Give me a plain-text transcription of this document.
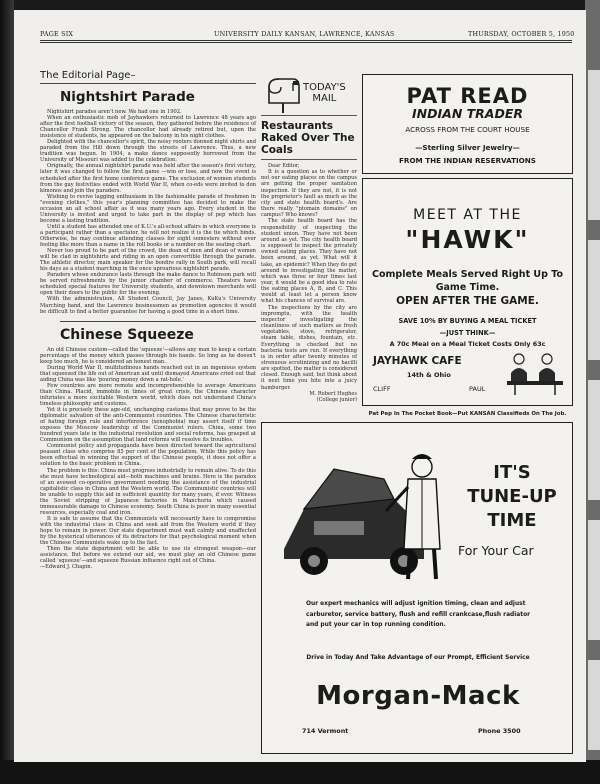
PAGE SIX	UNIVERSITY DAILY KANSAN, LAWRENCE, KANSAS	THURSDAY, OCTOBER 5, 1950
The Editorial Page–
Nightshirt Parade

Nightshirt parades aren't new. We had one in 1902.

When an enthusiastic mob of Jayhawkers returned to Lawrence 48 years ago after the first football victory of the season, they gathered before the residence of Chancellor Frank Strong. The chancellor had already retired but, upon the insistence of students, he appeared on the balcony in his night clothes.

Delighted with the chancellor's spirit, the noisy rooters donned night shirts and paraded from the Hill down through the streets of Lawrence. Thus, a new tradition was begun. In 1904, a make dance supposedly borrowed from the University of Missouri was added to the celebration.

Originally, the annual nightshirt parade was held after the season's first victory, later it was changed to follow the first game —win or lose, and now the event is scheduled after the first home conference game. The exclusion of women students from the gay festivities ended with World War II, when co-eds were invited to don kimonos and join the paraders.

Wishing to revive lagging enthusiasm in the fashionable parade of freshmen in "evening clothes," this year's planning committee has decided to make the occasion an all school affair as it was many years ago. Every student in the University is invited and urged to take part in the display of pep which has become a lasting tradition.

Until a student has attended one of K.U.'s all-school affairs in which everyone is a participant rather than a spectator, he will not realize it is the tie which binds. Otherwise, he may continue attending classes for eight semesters without ever feeling like more than a name in the roll books or a number on the seating chart.

Never too proud to be part of the crowd, the dean of men and dean of women will be clad in nightshirts and riding in an open convertible through the parade. The athletic director, main speaker for the bonfire rally in South park, will recall his days as a student marching in the once uproarious nightshirt parade.

Paraders whose endurance lasts through the make dance to Robinson park will be served refreshments by the junior chamber of commerce. Theaters have scheduled special features for University students, and downtown merchants will open their doors to the public for the evening.

With the administration, All Student Council, Jay Janes, KuKu's University Marching band, and the Lawrence businessmen as promotion agencies it would be difficult to find a better guarantee for having a good time in a short time.

Chinese Squeeze

An old Chinese custom—called the 'squeeze'—allows any man to keep a certain percentage of the money which passes through his hands. So long as he doesn't keep too much, he is considered an honest man.

During World War II, multitudinous hands reached out in an ingenious system that squeezed the life out of American aid until dismayed Americans cried out that aiding China was like 'pouring money down a rat-hole.'

Few countries are more remote and incomprehensible to average Americans than China. Placid, immobile in times of great crisis, the Chinese character infuriates a more excitable Western world, which does not understand China's timeless philosophy and customs.

Yet it is precisely these age-old, unchanging customs that may prove to be the diplomatic salvation of the anti-Communist countries. The Chinese characteristic of hating foreign rule and interference (xenophobia) may assert itself if time exposes the Moscow leadership of the Communist rulers. China, some two hundred years late in the industrial revolution and social reforms, has grasped at Communism on the assumption that land reforms will resolve its troubles.

Communist policy and propaganda have been directed toward the agricultural peasant class who comprise 85 per cent of the population. While this policy has been effectual in winning the support of the Chinese people, it does not offer a solution to the basic problem in China.

The problem is this: China must progress industrially to remain alive. To do this she must have technological aid—both machines and brains. Here is the paradox of an avowed co-operative government needing the assistance of the industrial capitalistic class in China and the Western world. The Communistic countries will be unable to supply this aid in sufficient quantity for many years, if ever. Witness the Soviet stripping of Japanese factories in Manchuria which caused immeasurable damage to Chinese economy. South China is poor in many essential resources, especially coal and iron.

It is safe to assume that the Communists will necessarily have to compromise with the industrial class in China and seek aid from the Western world if they hope to remain in power. Our state department must wait calmly and unaffected by the hysterical utterances of its detractors for that psychological moment when the Chinese Communists wake up to the fact.

Then the state department will be able to use its strongest weapon—our assistance. But before we extend our aid, we must play an old Chinese game called 'squeeze'—and squeeze Russian influence right out of China.

—Edward J. Chapin.

TODAY'S
MAIL
Restaurants Raked Over The Coals

Dear Editor,

It is a question as to whether or not our eating places on the campus are getting the proper sanitation inspection. If they are not, it is not the proprietor's fault as much as the city and state health board's. Are there really "ptomain domains" on campus? Who knows?

The state health board has the responsibility of inspecting the student union. They have not been around as yet. The city health board is supposed to inspect the privately owned eating places. They have not been around, as yet. What will it take, an epidemic? When they do get around to investigating the matter, which was three or four times last year, it would be a good idea to rate the eating places A, B, and C. This would at least let a person know what his chances of survival are.

The inspections by the city are impromptu, with the health inspector investigating the cleanliness of such matters as fresh vegetables, stove, refrigerator, steam table, dishes, fountain, etc. Everything is checked but no bacteria tests are run. If everything is in order after twenty minutes of strenuous scrutinizing and no bacilli are spotted, the matter is considered closed. Enough said, but think about it next time you bite into a juicy hamburger.

M. Robert Hughes

(College junior)

PAT READ
INDIAN TRADER
ACROSS FROM THE COURT HOUSE
—Sterling Silver Jewelry—
FROM THE INDIAN RESERVATIONS
MEET AT THE
"HAWK"
Complete Meals Served Right Up To Game Time.
OPEN AFTER THE GAME.
SAVE 10% BY BUYING A MEAL TICKET
—JUST THINK—
A 70c Meal on a Meal Ticket Costs Only 63c
JAYHAWK CAFE
14th & Ohio
CLIFF	PAUL
Pat Pep In The Pocket Book—Put KANSAN Classifieds On The Job.
IT'S TUNE-UP TIME
For Your Car
Our expert mechanics will adjust ignition timing, clean and adjust carburetor, service battery, flush and refill crankcase,flush radiator and put your car in top running condition.
Drive in Today And Take Advantage of our Prompt, Efficient Service
Morgan-Mack
714 Vermont	Phone 3500
